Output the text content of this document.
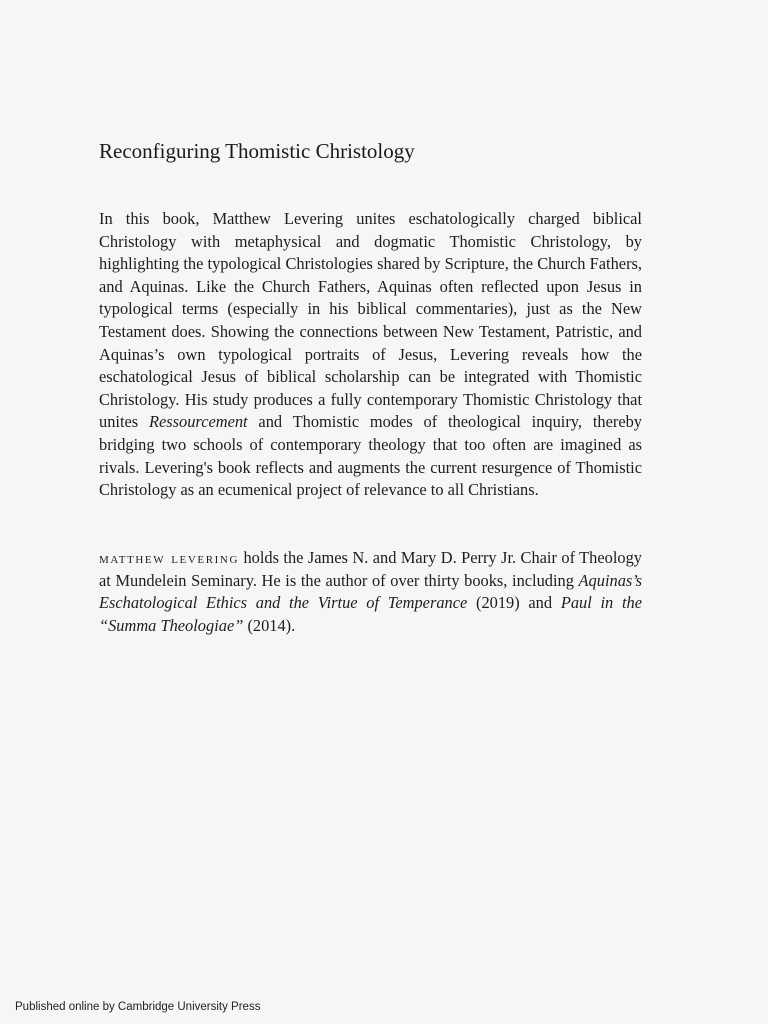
Reconfiguring Thomistic Christology

In this book, Matthew Levering unites eschatologically charged biblical Christology with metaphysical and dogmatic Thomistic Christology, by highlighting the typological Christologies shared by Scripture, the Church Fathers, and Aquinas. Like the Church Fathers, Aquinas often reflected upon Jesus in typological terms (especially in his biblical commentaries), just as the New Testament does. Showing the connections between New Testament, Patristic, and Aquinas’s own typological portraits of Jesus, Levering reveals how the eschatological Jesus of biblical scholarship can be integrated with Thomistic Christology. His study produces a fully contemporary Thomistic Christology that unites Ressourcement and Thomistic modes of theological inquiry, thereby bridging two schools of contemporary theology that too often are imagined as rivals. Levering's book reflects and augments the current resurgence of Thomistic Christology as an ecumenical project of relevance to all Christians.

matthew levering holds the James N. and Mary D. Perry Jr. Chair of Theology at Mundelein Seminary. He is the author of over thirty books, including Aquinas’s Eschatological Ethics and the Virtue of Temperance (2019) and Paul in the “Summa Theologiae” (2014).

Published online by Cambridge University Press
